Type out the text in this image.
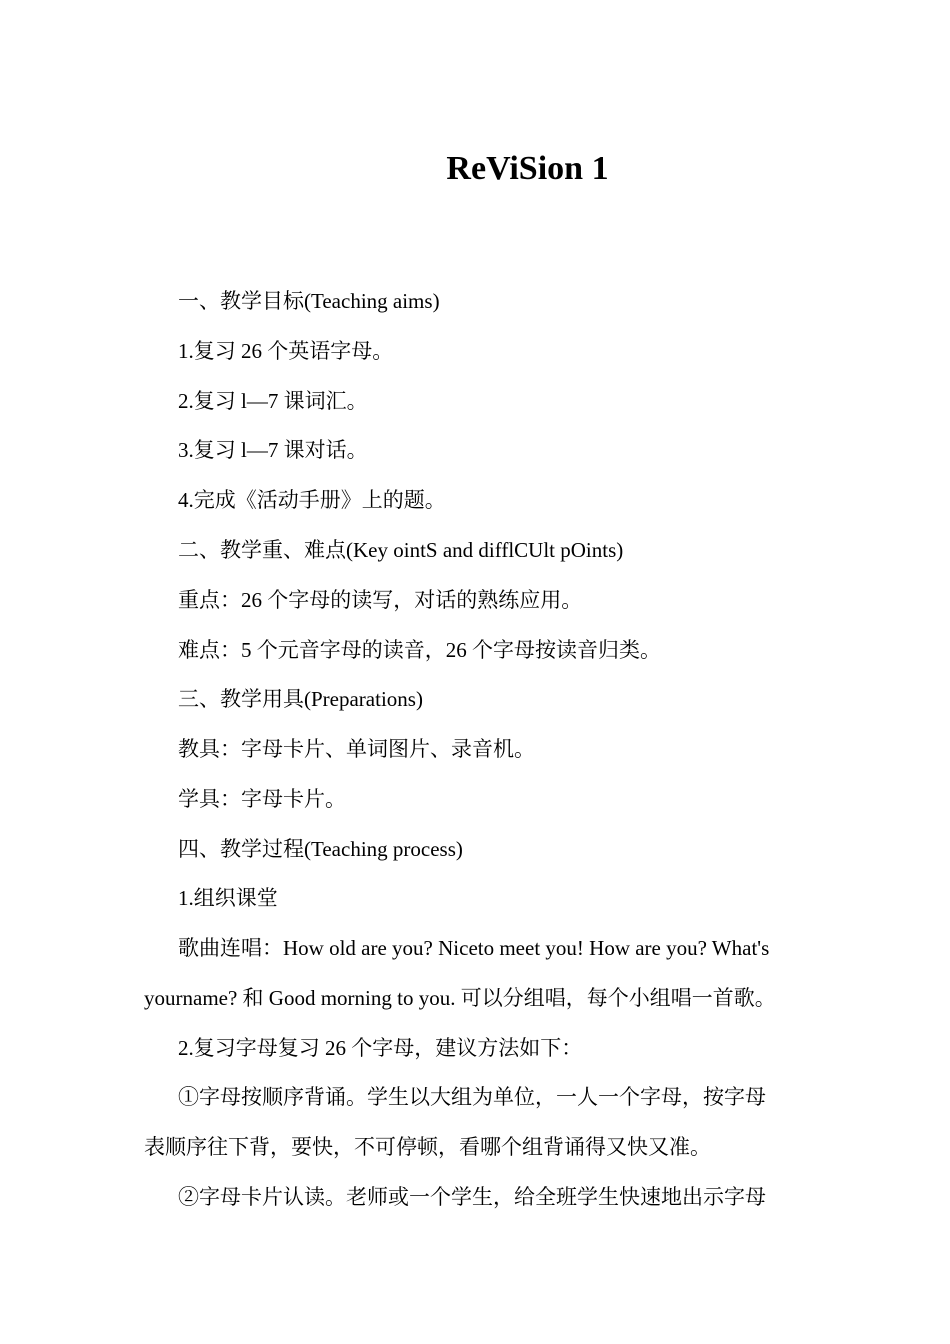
ReViSion 1
一、教学目标(Teaching aims)
1.复习 26 个英语字母。
2.复习 l—7 课词汇。
3.复习 l—7 课对话。
4.完成《活动手册》上的题。
二、教学重、难点(Key ointS and difflCUlt pOints)
重点：26 个字母的读写，对话的熟练应用。
难点：5 个元音字母的读音，26 个字母按读音归类。
三、教学用具(Preparations)
教具：字母卡片、单词图片、录音机。
学具：字母卡片。
四、教学过程(Teaching process)
1.组织课堂
歌曲连唱：How old are you? Niceto meet you! How are you? What's
yourname? 和 Good morning to you. 可以分组唱，每个小组唱一首歌。
2.复习字母复习 26 个字母，建议方法如下：
①字母按顺序背诵。学生以大组为单位，一人一个字母，按字母
表顺序往下背，要快，不可停顿，看哪个组背诵得又快又准。
②字母卡片认读。老师或一个学生，给全班学生快速地出示字母
